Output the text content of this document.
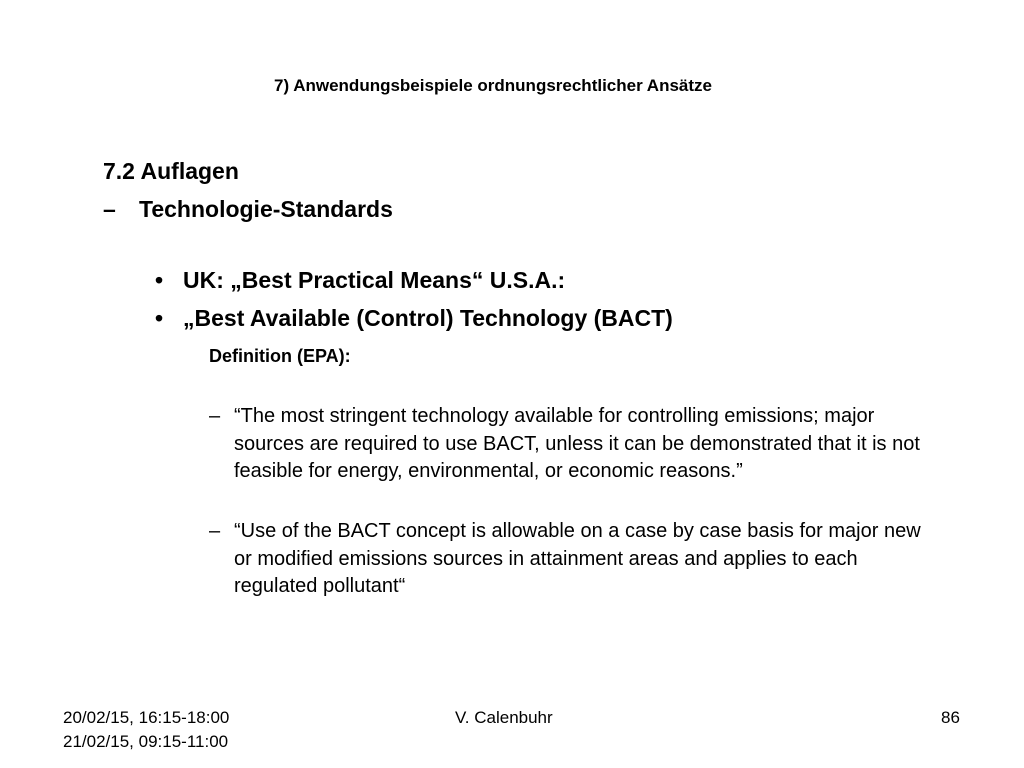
7) Anwendungsbeispiele ordnungsrechtlicher Ansätze
7.2 Auflagen
– Technologie-Standards
• UK: „Best Practical Means“ U.S.A.:
• „Best Available (Control) Technology (BACT)
Definition (EPA):
– “The most stringent technology available for controlling emissions; major sources are required to use BACT, unless it can be demonstrated that it is not feasible for energy, environmental, or economic reasons.”
– “Use of the BACT concept is allowable on a case by case basis for major new or modified emissions sources in attainment areas and applies to each regulated pollutant“
20/02/15, 16:15-18:00
21/02/15, 09:15-11:00
V. Calenbuhr	86
